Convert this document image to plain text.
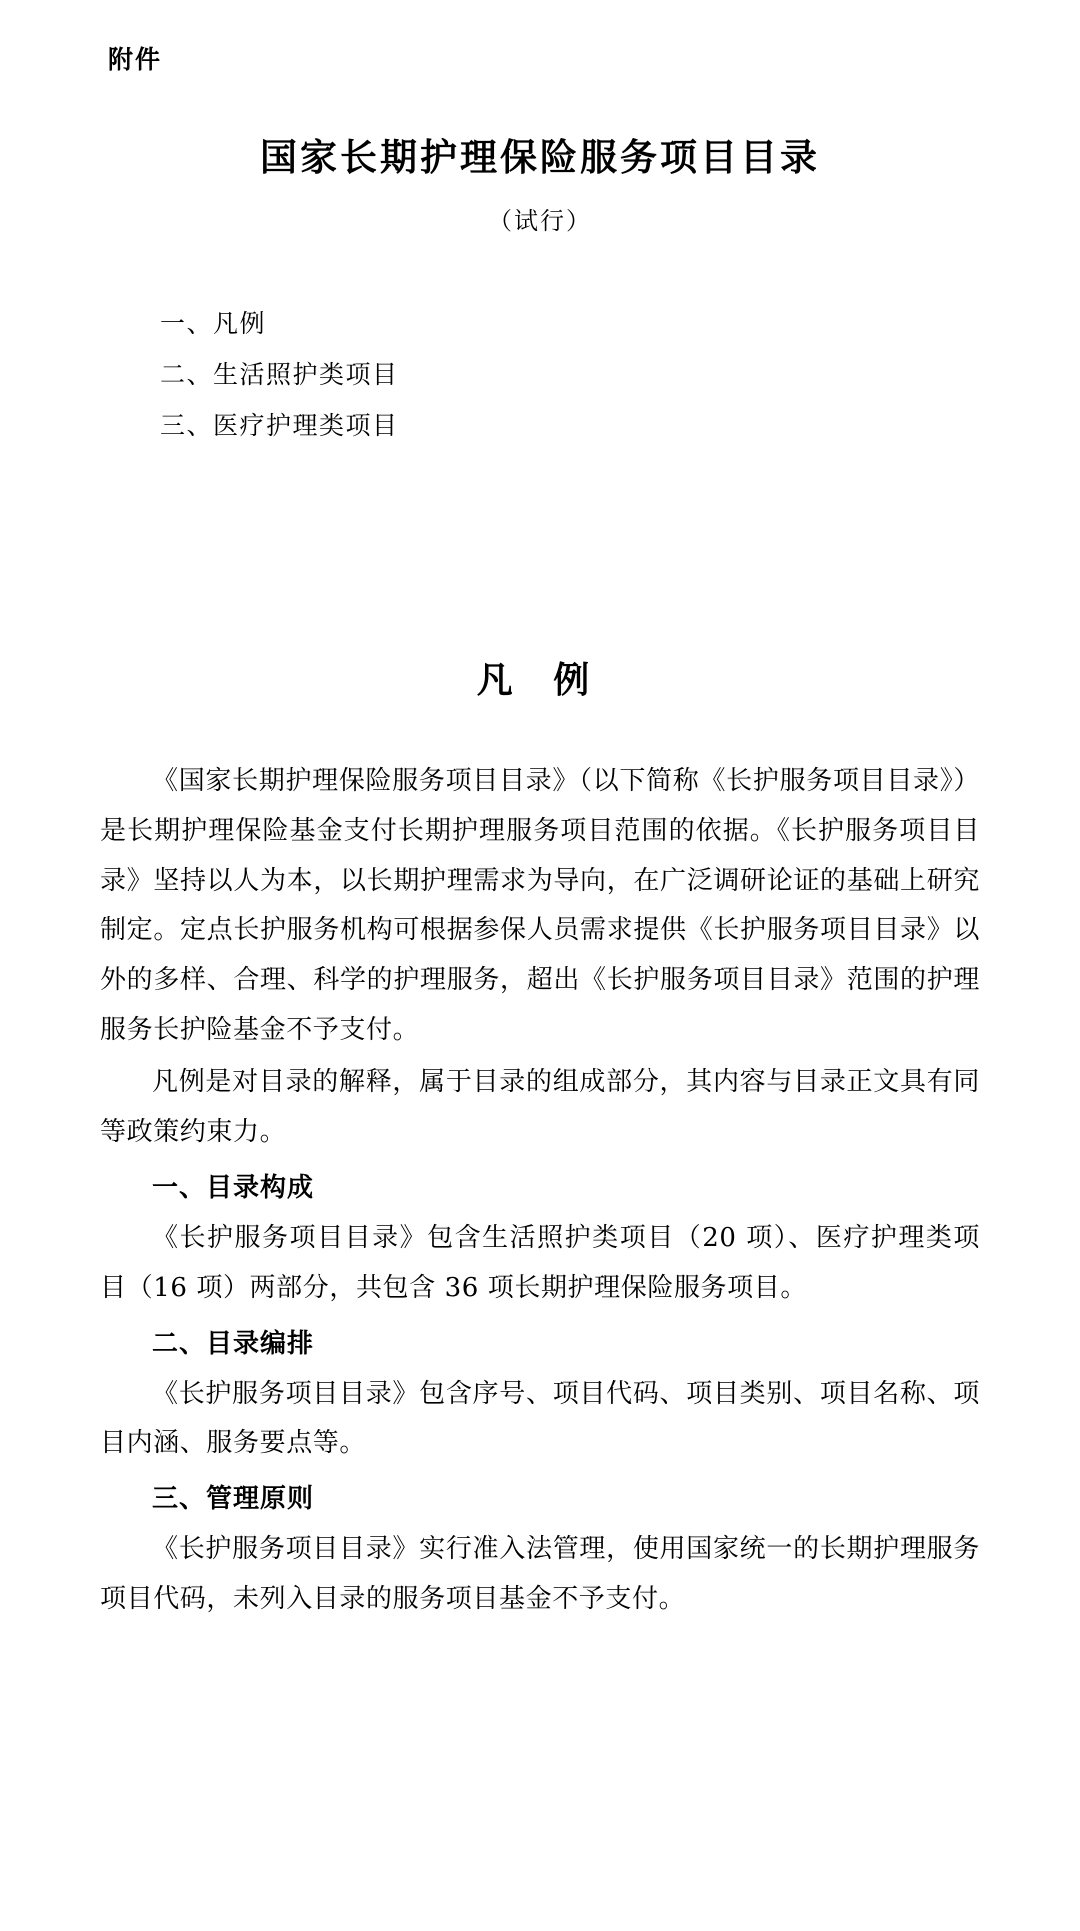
附件
国家长期护理保险服务项目目录
（试行）
一、凡例
二、生活照护类项目
三、医疗护理类项目
凡 例

《国家长期护理保险服务项目目录》（以下简称《长护服务项目目录》）是长期护理保险基金支付长期护理服务项目范围的依据。《长护服务项目目录》坚持以人为本，以长期护理需求为导向，在广泛调研论证的基础上研究制定。定点长护服务机构可根据参保人员需求提供《长护服务项目目录》以外的多样、合理、科学的护理服务，超出《长护服务项目目录》范围的护理服务长护险基金不予支付。

凡例是对目录的解释，属于目录的组成部分，其内容与目录正文具有同等政策约束力。

一、目录构成

《长护服务项目目录》包含生活照护类项目（20 项）、医疗护理类项目（16 项）两部分，共包含 36 项长期护理保险服务项目。

二、目录编排

《长护服务项目目录》包含序号、项目代码、项目类别、项目名称、项目内涵、服务要点等。

三、管理原则

《长护服务项目目录》实行准入法管理，使用国家统一的长期护理服务项目代码，未列入目录的服务项目基金不予支付。
